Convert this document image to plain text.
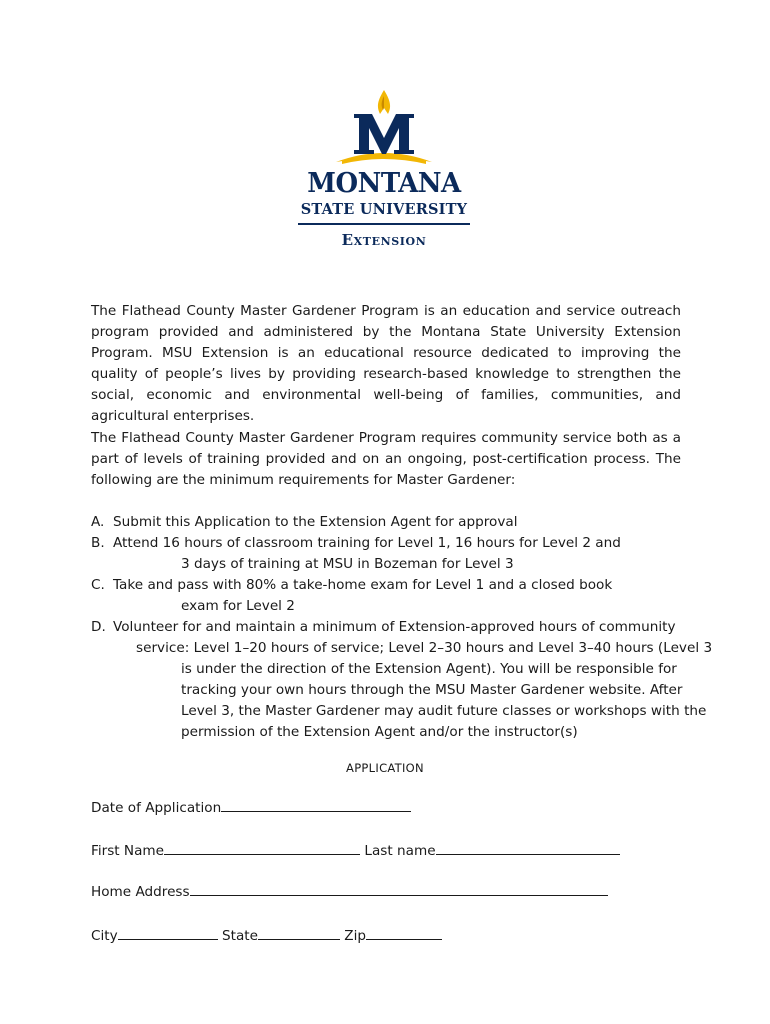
MONTANA
STATE UNIVERSITY
Extension

The Flathead County Master Gardener Program is an education and service outreach program provided and administered by the Montana State University Extension Program. MSU Extension is an educational resource dedicated to improving the quality of people’s lives by providing research-based knowledge to strengthen the social, economic and environmental well-being of families, communities, and agricultural enterprises.

The Flathead County Master Gardener Program requires community service both as a part of levels of training provided and on an ongoing, post-certification process. The following are the minimum requirements for Master Gardener:

A. Submit this Application to the Extension Agent for approval
B. Attend 16 hours of classroom training for Level 1, 16 hours for Level 2 and
3 days of training at MSU in Bozeman for Level 3
C. Take and pass with 80% a take-home exam for Level 1 and a closed book
exam for Level 2
D. Volunteer for and maintain a minimum of Extension-approved hours of community
service: Level 1–20 hours of service; Level 2–30 hours and Level 3–40 hours (Level 3
is under the direction of the Extension Agent). You will be responsible for
tracking your own hours through the MSU Master Gardener website. After
Level 3, the Master Gardener may audit future classes or workshops with the
permission of the Extension Agent and/or the instructor(s)
APPLICATION
Date of Application
First Name	Last name
Home Address
City	State	Zip
